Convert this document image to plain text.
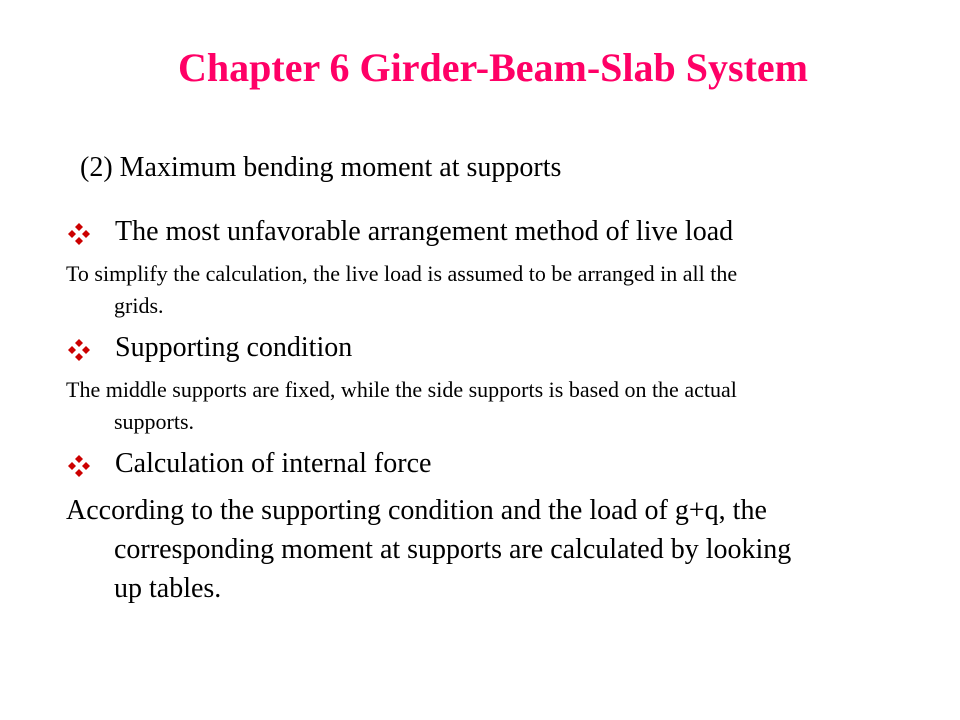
Chapter 6 Girder-Beam-Slab System
(2) Maximum bending moment at supports
The most unfavorable arrangement method of live load
To simplify the calculation, the live load is assumed to be arranged in all the
grids.
Supporting condition
The middle supports are fixed, while the side supports is based on the actual
supports.
Calculation of internal force
According to the supporting condition and the load of g+q, the
corresponding moment at supports are calculated by looking
up tables.
